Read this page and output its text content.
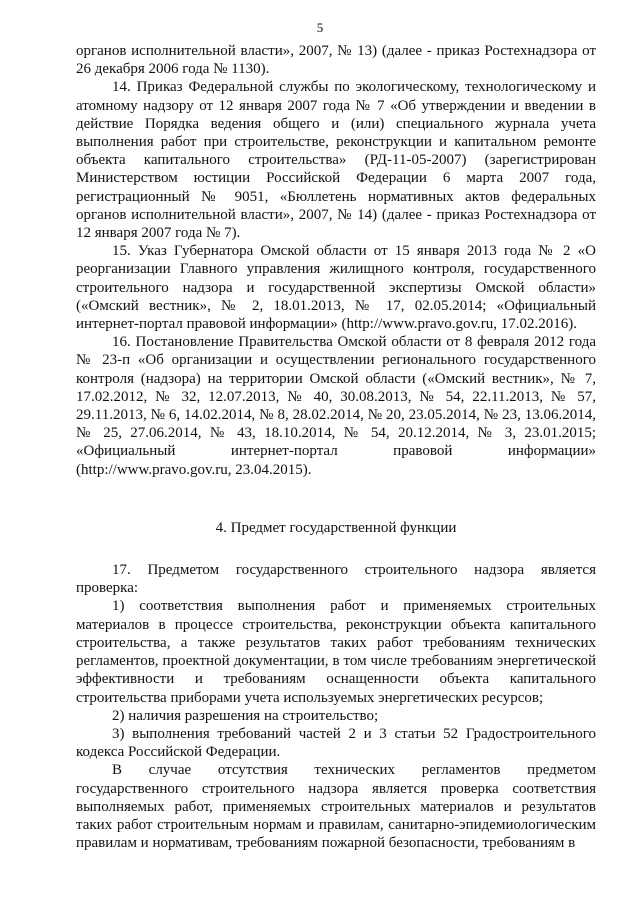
5

органов исполнительной власти», 2007, № 13) (далее - приказ Ростехнадзора от 26 декабря 2006 года № 1130).

14. Приказ Федеральной службы по экологическому, технологическому и атомному надзору от 12 января 2007 года № 7 «Об утверждении и введении в действие Порядка ведения общего и (или) специального журнала учета выполнения работ при строительстве, реконструкции и капитальном ремонте объекта капитального строительства» (РД-11-05-2007) (зарегистрирован Министерством юстиции Российской Федерации 6 марта 2007 года, регистрационный № 9051, «Бюллетень нормативных актов федеральных органов исполнительной власти», 2007, № 14) (далее - приказ Ростехнадзора от 12 января 2007 года № 7).

15. Указ Губернатора Омской области от 15 января 2013 года № 2 «О реорганизации Главного управления жилищного контроля, государственного строительного надзора и государственной экспертизы Омской области» («Омский вестник», № 2, 18.01.2013, № 17, 02.05.2014; «Официальный интернет-портал правовой информации» (http://www.pravo.gov.ru, 17.02.2016).

16. Постановление Правительства Омской области от 8 февраля 2012 года № 23-п «Об организации и осуществлении регионального государственного контроля (надзора) на территории Омской области («Омский вестник», № 7, 17.02.2012, № 32, 12.07.2013, № 40, 30.08.2013, № 54, 22.11.2013, № 57, 29.11.2013, № 6, 14.02.2014, № 8, 28.02.2014, № 20, 23.05.2014, № 23, 13.06.2014, № 25, 27.06.2014, № 43, 18.10.2014, № 54, 20.12.2014, № 3, 23.01.2015; «Официальный интернет-портал правовой информации» (http://www.pravo.gov.ru, 23.04.2015).

4. Предмет государственной функции

17. Предметом государственного строительного надзора является проверка:

1) соответствия выполнения работ и применяемых строительных материалов в процессе строительства, реконструкции объекта капитального строительства, а также результатов таких работ требованиям технических регламентов, проектной документации, в том числе требованиям энергетической эффективности и требованиям оснащенности объекта капитального строительства приборами учета используемых энергетических ресурсов;

2) наличия разрешения на строительство;

3) выполнения требований частей 2 и 3 статьи 52 Градостроительного кодекса Российской Федерации.

В случае отсутствия технических регламентов предметом государственного строительного надзора является проверка соответствия выполняемых работ, применяемых строительных материалов и результатов таких работ строительным нормам и правилам, санитарно-эпидемиологическим правилам и нормативам, требованиям пожарной безопасности, требованиям в
